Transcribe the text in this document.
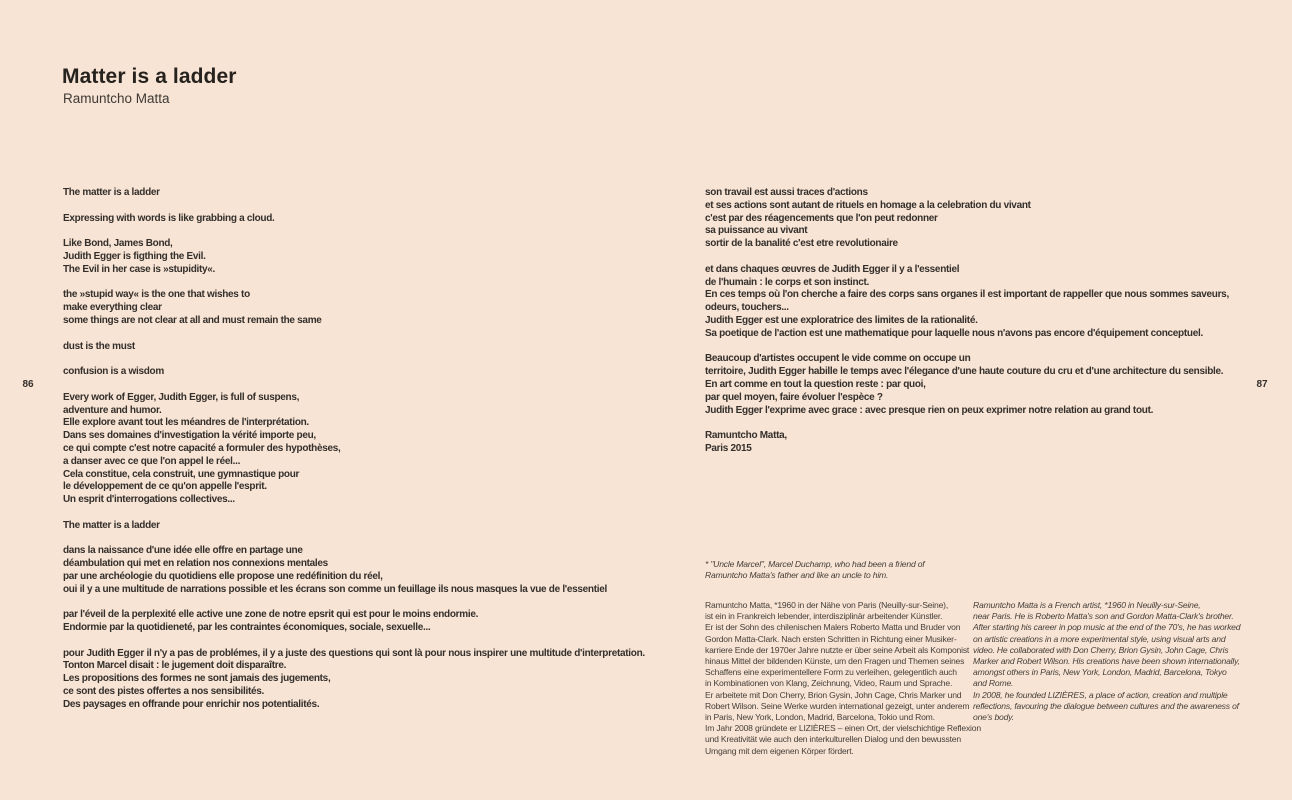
Matter is a ladder
Ramuntcho Matta

The matter is a ladder

Expressing with words is like grabbing a cloud.

Like Bond, James Bond,
Judith Egger is figthing the Evil.
The Evil in her case is »stupidity«.

the »stupid way« is the one that wishes to
make everything clear
some things are not clear at all and must remain the same

dust is the must

confusion is a wisdom

Every work of Egger, Judith Egger, is full of suspens,
adventure and humor.
Elle explore avant tout les méandres de l'interprétation.
Dans ses domaines d'investigation la vérité importe peu,
ce qui compte c'est notre capacité a formuler des hypothèses,
a danser avec ce que l'on appel le réel...
Cela constitue, cela construit, une gymnastique pour
le développement de ce qu'on appelle l'esprit.
Un esprit d'interrogations collectives...

The matter is a ladder

dans la naissance d'une idée elle offre en partage une
déambulation qui met en relation nos connexions mentales
par une archéologie du quotidiens elle propose une redéfinition du réel,
oui il y a une multitude de narrations possible et les écrans son comme un feuillage ils nous masques la vue de l'essentiel

par l'éveil de la perplexité elle active une zone de notre epsrit qui est pour le moins endormie.
Endormie par la quotidieneté, par les contraintes économiques, sociale, sexuelle...

pour Judith Egger il n'y a pas de problémes, il y a juste des questions qui sont là pour nous inspirer une multitude d'interpretation.
Tonton Marcel disait : le jugement doit disparaître.
Les propositions des formes ne sont jamais des jugements,
ce sont des pistes offertes a nos sensibilités.
Des paysages en offrande pour enrichir nos potentialités.

86

son travail est aussi traces d'actions
et ses actions sont autant de rituels en homage a la celebration du vivant
c'est par des réagencements que l'on peut redonner
sa puissance au vivant
sortir de la banalité c'est etre revolutionaire

et dans chaques œuvres de Judith Egger il y a l'essentiel
de l'humain : le corps et son instinct.
En ces temps où l'on cherche a faire des corps sans organes il est important de rappeller que nous sommes saveurs,
odeurs, touchers...
Judith Egger est une exploratrice des limites de la rationalité.
Sa poetique de l'action est une mathematique pour laquelle nous n'avons pas encore d'équipement conceptuel.

Beaucoup d'artistes occupent le vide comme on occupe un
territoire, Judith Egger habille le temps avec l'élegance d'une haute couture du cru et d'une architecture du sensible.
En art comme en tout la question reste : par quoi,
par quel moyen, faire évoluer l'espèce ?
Judith Egger l'exprime avec grace : avec presque rien on peux exprimer notre relation au grand tout.

Ramuntcho Matta,
Paris 2015

* "Uncle Marcel", Marcel Duchamp, who had been a friend of
Ramuntcho Matta's father and like an uncle to him.
Ramuntcho Matta, *1960 in der Nähe von Paris (Neuilly-sur-Seine),
ist ein in Frankreich lebender, interdisziplinär arbeitender Künstler.
Er ist der Sohn des chilenischen Malers Roberto Matta und Bruder von
Gordon Matta-Clark. Nach ersten Schritten in Richtung einer Musiker-
karriere Ende der 1970er Jahre nutzte er über seine Arbeit als Komponist
hinaus Mittel der bildenden Künste, um den Fragen und Themen seines
Schaffens eine experimentellere Form zu verleihen, gelegentlich auch
in Kombinationen von Klang, Zeichnung, Video, Raum und Sprache.
Er arbeitete mit Don Cherry, Brion Gysin, John Cage, Chris Marker und
Robert Wilson. Seine Werke wurden international gezeigt, unter anderem
in Paris, New York, London, Madrid, Barcelona, Tokio und Rom.
Im Jahr 2008 gründete er LIZIÈRES – einen Ort, der vielschichtige Reflexion
und Kreativität wie auch den interkulturellen Dialog und den bewussten
Umgang mit dem eigenen Körper fördert.
Ramuntcho Matta is a French artist, *1960 in Neuilly-sur-Seine,
near Paris. He is Roberto Matta's son and Gordon Matta-Clark's brother.
After starting his career in pop music at the end of the 70's, he has worked
on artistic creations in a more experimental style, using visual arts and
video. He collaborated with Don Cherry, Brion Gysin, John Cage, Chris
Marker and Robert Wilson. His creations have been shown internationally,
amongst others in Paris, New York, London, Madrid, Barcelona, Tokyo
and Rome.
In 2008, he founded LIZIÈRES, a place of action, creation and multiple
reflections, favouring the dialogue between cultures and the awareness of
one's body.
87
